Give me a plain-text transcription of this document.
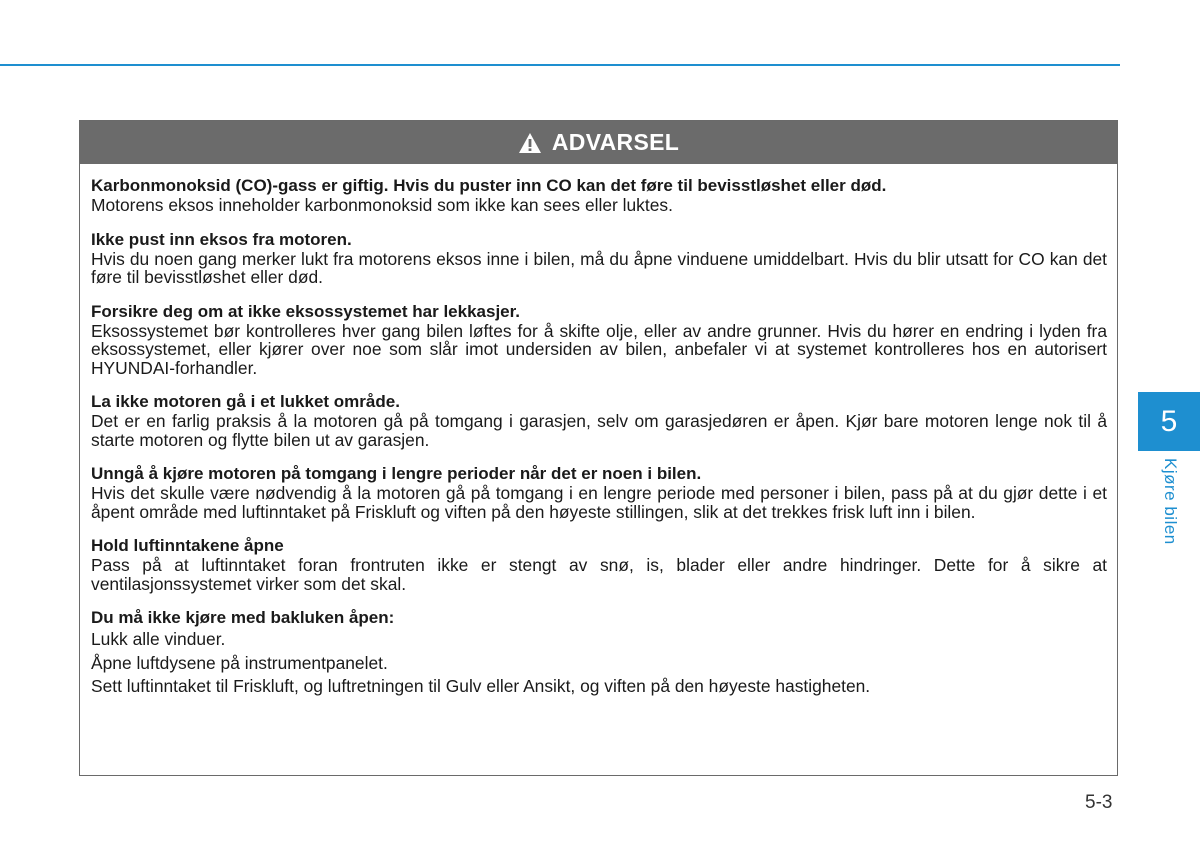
ADVARSEL
Karbonmonoksid (CO)-gass er giftig. Hvis du puster inn CO kan det føre til bevisstløshet eller død.
Motorens eksos inneholder karbonmonoksid som ikke kan sees eller luktes.
Ikke pust inn eksos fra motoren.
Hvis du noen gang merker lukt fra motorens eksos inne i bilen, må du åpne vinduene umiddelbart. Hvis du blir utsatt for CO kan det føre til bevisstløshet eller død.
Forsikre deg om at ikke eksossystemet har lekkasjer.
Eksossystemet bør kontrolleres hver gang bilen løftes for å skifte olje, eller av andre grunner. Hvis du hører en endring i lyden fra eksossystemet, eller kjører over noe som slår imot undersiden av bilen, anbefaler vi at systemet kontrolleres hos en autorisert HYUNDAI-forhandler.
La ikke motoren gå i et lukket område.
Det er en farlig praksis å la motoren gå på tomgang i garasjen, selv om garasjedøren er åpen. Kjør bare motoren lenge nok til å starte motoren og flytte bilen ut av garasjen.
Unngå å kjøre motoren på tomgang i lengre perioder når det er noen i bilen.
Hvis det skulle være nødvendig å la motoren gå på tomgang i en lengre periode med personer i bilen, pass på at du gjør dette i et åpent område med luftinntaket på Friskluft og viften på den høyeste stillingen, slik at det trekkes frisk luft inn i bilen.
Hold luftinntakene åpne
Pass på at luftinntaket foran frontruten ikke er stengt av snø, is, blader eller andre hindringer. Dette for å sikre at ventilasjonssystemet virker som det skal.
Du må ikke kjøre med bakluken åpen:
Lukk alle vinduer.
Åpne luftdysene på instrumentpanelet.
Sett luftinntaket til Friskluft, og luftretningen til Gulv eller Ansikt, og viften på den høyeste hastigheten.
5
Kjøre bilen
5-3
